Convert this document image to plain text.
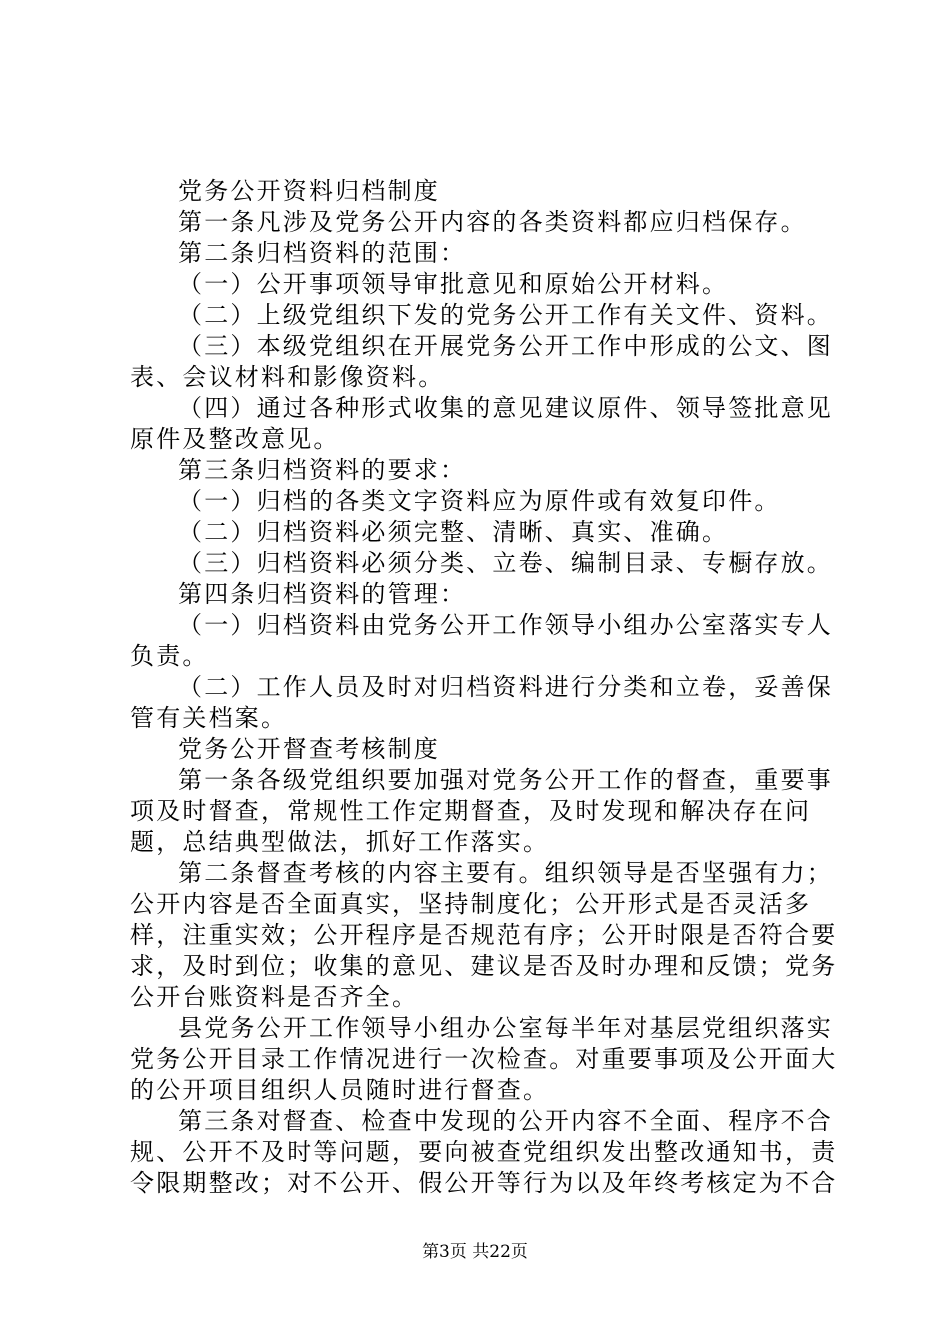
党务公开资料归档制度

第一条凡涉及党务公开内容的各类资料都应归档保存。

第二条归档资料的范围：

（一）公开事项领导审批意见和原始公开材料。

（二）上级党组织下发的党务公开工作有关文件、资料。

（三）本级党组织在开展党务公开工作中形成的公文、图表、会议材料和影像资料。

（四）通过各种形式收集的意见建议原件、领导签批意见原件及整改意见。

第三条归档资料的要求：

（一）归档的各类文字资料应为原件或有效复印件。

（二）归档资料必须完整、清晰、真实、准确。

（三）归档资料必须分类、立卷、编制目录、专橱存放。

第四条归档资料的管理：

（一）归档资料由党务公开工作领导小组办公室落实专人负责。

（二）工作人员及时对归档资料进行分类和立卷，妥善保管有关档案。

党务公开督查考核制度

第一条各级党组织要加强对党务公开工作的督查，重要事项及时督查，常规性工作定期督查，及时发现和解决存在问题，总结典型做法，抓好工作落实。

第二条督查考核的内容主要有。组织领导是否坚强有力；公开内容是否全面真实，坚持制度化；公开形式是否灵活多样，注重实效；公开程序是否规范有序；公开时限是否符合要求，及时到位；收集的意见、建议是否及时办理和反馈；党务公开台账资料是否齐全。

县党务公开工作领导小组办公室每半年对基层党组织落实党务公开目录工作情况进行一次检查。对重要事项及公开面大的公开项目组织人员随时进行督查。

第三条对督查、检查中发现的公开内容不全面、程序不合规、公开不及时等问题，要向被查党组织发出整改通知书，责令限期整改；对不公开、假公开等行为以及年终考核定为不合

第3页 共22页
